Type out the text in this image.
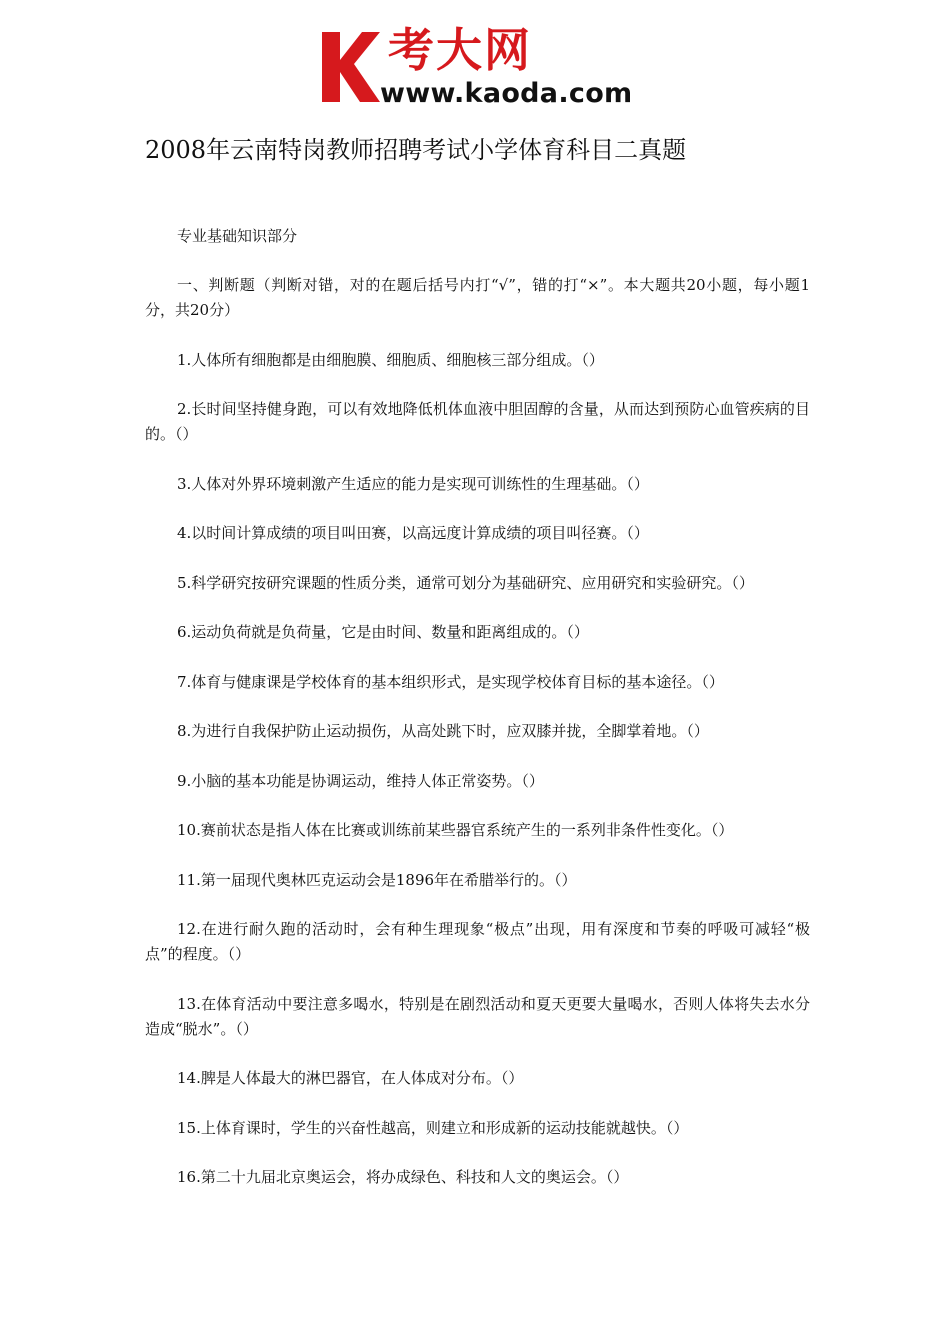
考大网
www.kaoda.com
2008年云南特岗教师招聘考试小学体育科目二真题

专业基础知识部分

一、判断题（判断对错，对的在题后括号内打“√”，错的打“×”。本大题共20小题，每小题1分，共20分）

1.人体所有细胞都是由细胞膜、细胞质、细胞核三部分组成。（）

2.长时间坚持健身跑，可以有效地降低机体血液中胆固醇的含量，从而达到预防心血管疾病的目的。（）

3.人体对外界环境刺激产生适应的能力是实现可训练性的生理基础。（）

4.以时间计算成绩的项目叫田赛，以高远度计算成绩的项目叫径赛。（）

5.科学研究按研究课题的性质分类，通常可划分为基础研究、应用研究和实验研究。（）

6.运动负荷就是负荷量，它是由时间、数量和距离组成的。（）

7.体育与健康课是学校体育的基本组织形式，是实现学校体育目标的基本途径。（）

8.为进行自我保护防止运动损伤，从高处跳下时，应双膝并拢，全脚掌着地。（）

9.小脑的基本功能是协调运动，维持人体正常姿势。（）

10.赛前状态是指人体在比赛或训练前某些器官系统产生的一系列非条件性变化。（）

11.第一届现代奥林匹克运动会是1896年在希腊举行的。（）

12.在进行耐久跑的活动时，会有种生理现象“极点”出现，用有深度和节奏的呼吸可减轻“极点”的程度。（）

13.在体育活动中要注意多喝水，特别是在剧烈活动和夏天更要大量喝水，否则人体将失去水分造成“脱水”。（）

14.脾是人体最大的淋巴器官，在人体成对分布。（）

15.上体育课时，学生的兴奋性越高，则建立和形成新的运动技能就越快。（）

16.第二十九届北京奥运会，将办成绿色、科技和人文的奥运会。（）
